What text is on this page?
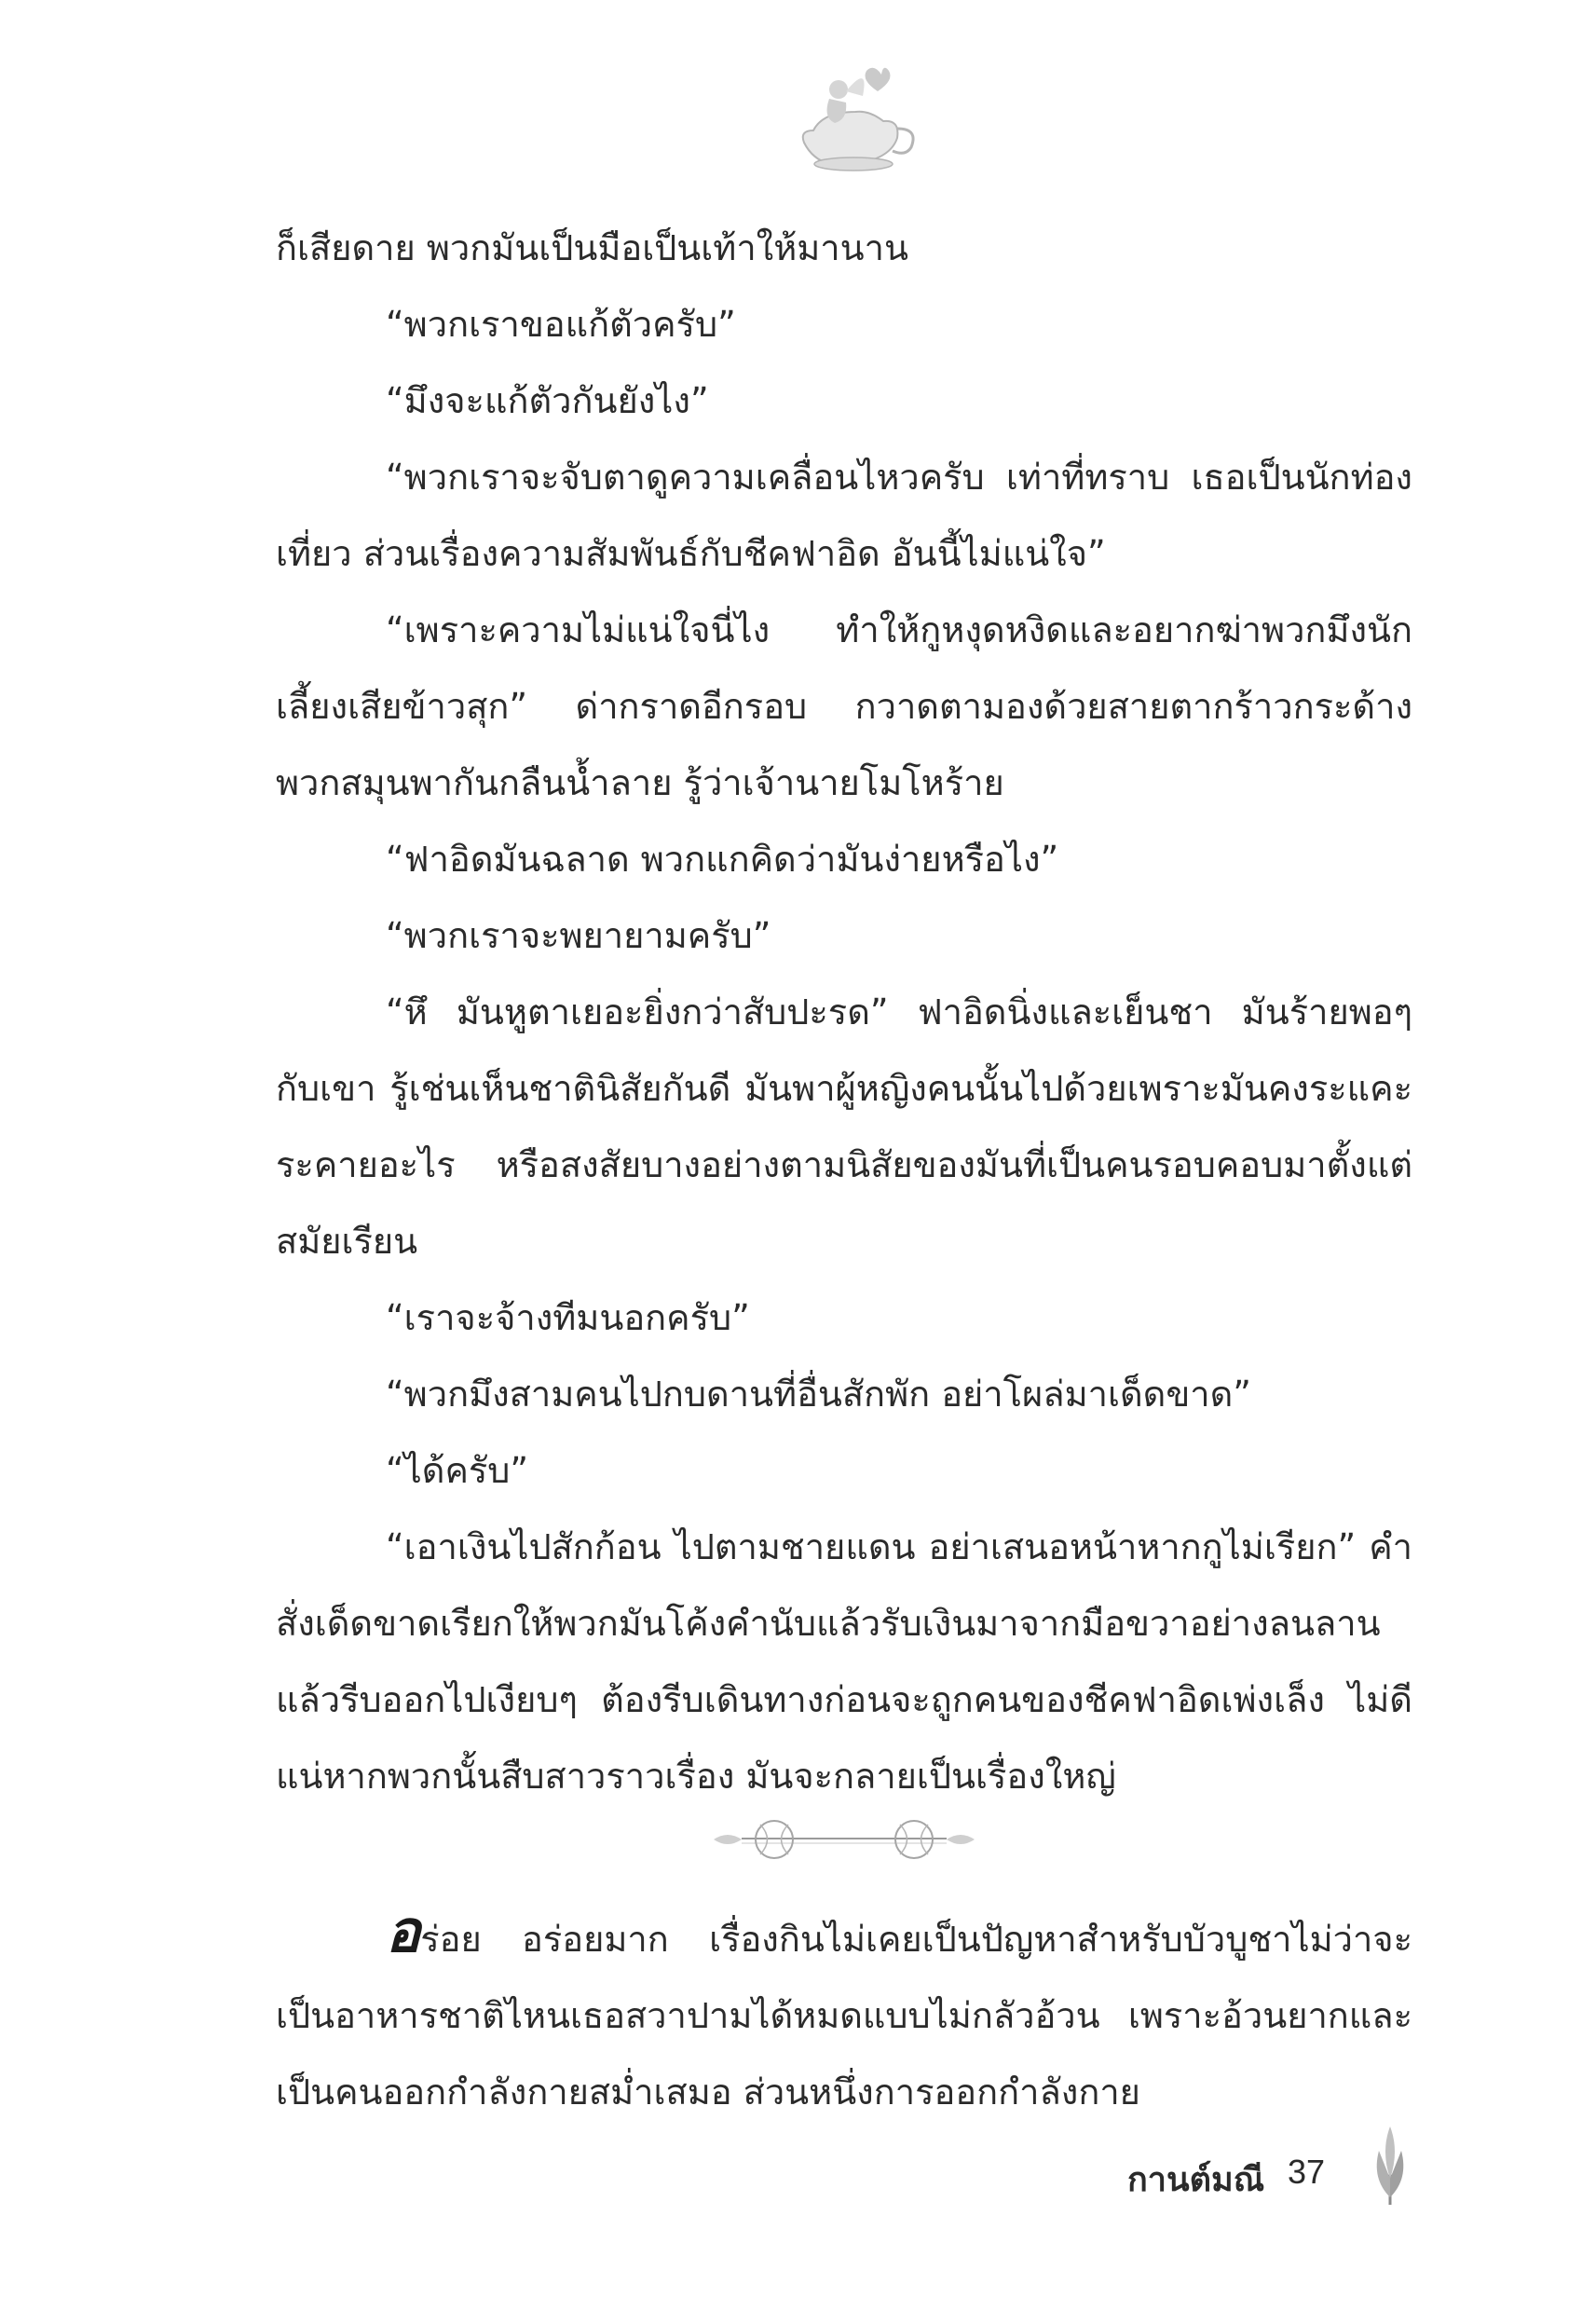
ก็เสียดาย พวกมันเป็นมือเป็นเท้าให้มานาน

“พวกเราขอแก้ตัวครับ”

“มึงจะแก้ตัวกันยังไง”

“พวกเราจะจับตาดูความเคลื่อนไหวครับ เท่าที่ทราบ เธอเป็นนักท่องเที่ยว ส่วนเรื่องความสัมพันธ์กับชีคฟาอิด อันนี้ไม่แน่ใจ”

“เพราะความไม่แน่ใจนี่ไง ทำให้กูหงุดหงิดและอยากฆ่าพวกมึงนักเลี้ยงเสียข้าวสุก” ด่ากราดอีกรอบ กวาดตามองด้วยสายตากร้าวกระด้าง พวกสมุนพากันกลืนน้ำลาย รู้ว่าเจ้านายโมโหร้าย

“ฟาอิดมันฉลาด พวกแกคิดว่ามันง่ายหรือไง”

“พวกเราจะพยายามครับ”

“หึ มันหูตาเยอะยิ่งกว่าสับปะรด” ฟาอิดนิ่งและเย็นชา มันร้ายพอๆ กับเขา รู้เช่นเห็นชาตินิสัยกันดี มันพาผู้หญิงคนนั้นไปด้วยเพราะมันคงระแคะระคายอะไร หรือสงสัยบางอย่างตามนิสัยของมันที่เป็นคนรอบคอบมาตั้งแต่สมัยเรียน

“เราจะจ้างทีมนอกครับ”

“พวกมึงสามคนไปกบดานที่อื่นสักพัก อย่าโผล่มาเด็ดขาด”

“ได้ครับ”

“เอาเงินไปสักก้อน ไปตามชายแดน อย่าเสนอหน้าหากกูไม่เรียก” คำสั่งเด็ดขาดเรียกให้พวกมันโค้งคำนับแล้วรับเงินมาจากมือขวาอย่างลนลานแล้วรีบออกไปเงียบๆ ต้องรีบเดินทางก่อนจะถูกคนของชีคฟาอิดเพ่งเล็ง ไม่ดีแน่หากพวกนั้นสืบสาวราวเรื่อง มันจะกลายเป็นเรื่องใหญ่

อร่อย อร่อยมาก เรื่องกินไม่เคยเป็นปัญหาสำหรับบัวบูชาไม่ว่าจะเป็นอาหารชาติไหนเธอสวาปามได้หมดแบบไม่กลัวอ้วน เพราะอ้วนยากและเป็นคนออกกำลังกายสม่ำเสมอ ส่วนหนึ่งการออกกำลังกาย

กานต์มณี 37
